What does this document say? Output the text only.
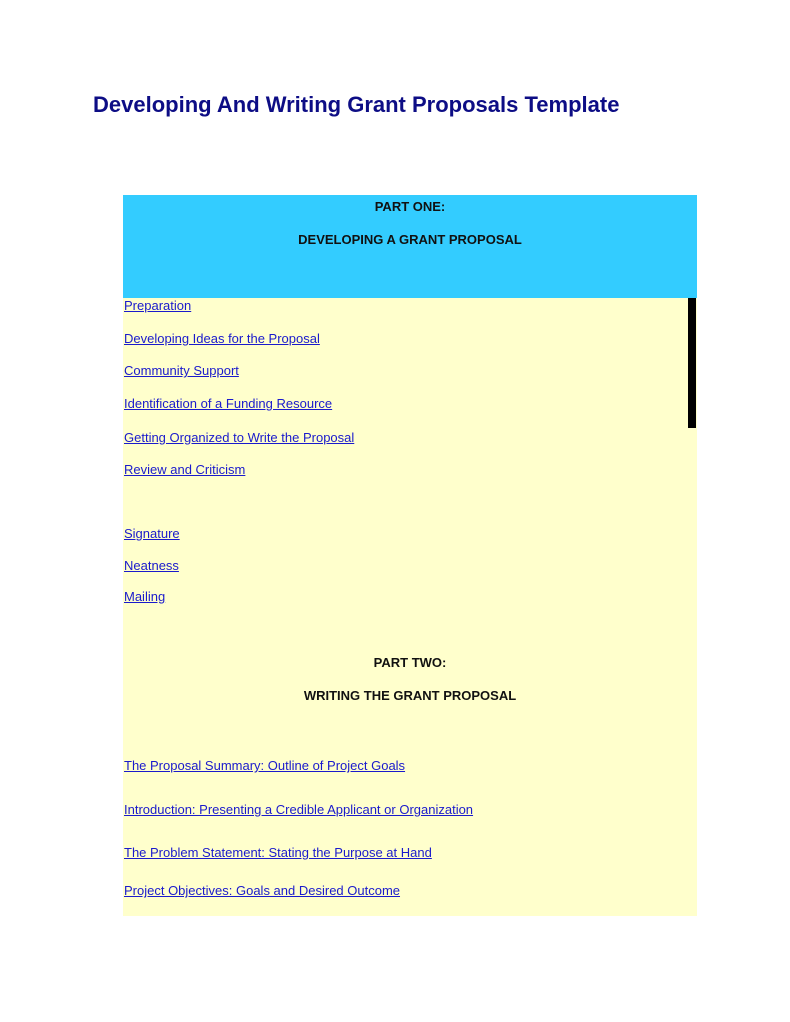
Developing And Writing Grant Proposals Template
PART ONE:
DEVELOPING A GRANT PROPOSAL
Preparation
Developing Ideas for the Proposal
Community Support
Identification of a Funding Resource
Getting Organized to Write the Proposal
Review and Criticism
Signature
Neatness
Mailing
PART TWO:
WRITING THE GRANT PROPOSAL
The Proposal Summary: Outline of Project Goals
Introduction: Presenting a Credible Applicant or Organization
The Problem Statement: Stating the Purpose at Hand
Project Objectives: Goals and Desired Outcome
